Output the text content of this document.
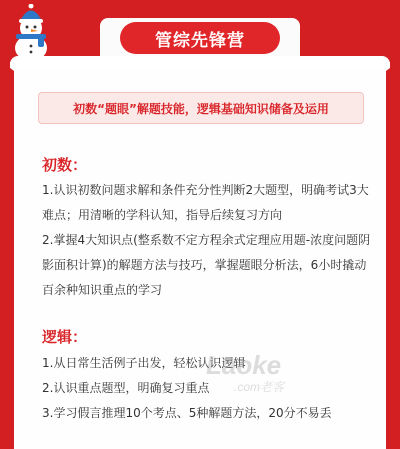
管综先锋营
初数“题眼”解题技能，逻辑基础知识储备及运用
初数：
1.认识初数问题求解和条件充分性判断2大题型，明确考试3大难点；用清晰的学科认知，指导后续复习方向
2.掌握4大知识点(整系数不定方程余式定理应用题-浓度问题阴影面积计算)的解题方法与技巧，掌握题眼分析法，6小时撬动百余种知识重点的学习
逻辑：
1.从日常生活例子出发，轻松认识逻辑
2.认识重点题型，明确复习重点
3.学习假言推理10个考点、5种解题方法，20分不易丢
Laoke
.com老客
